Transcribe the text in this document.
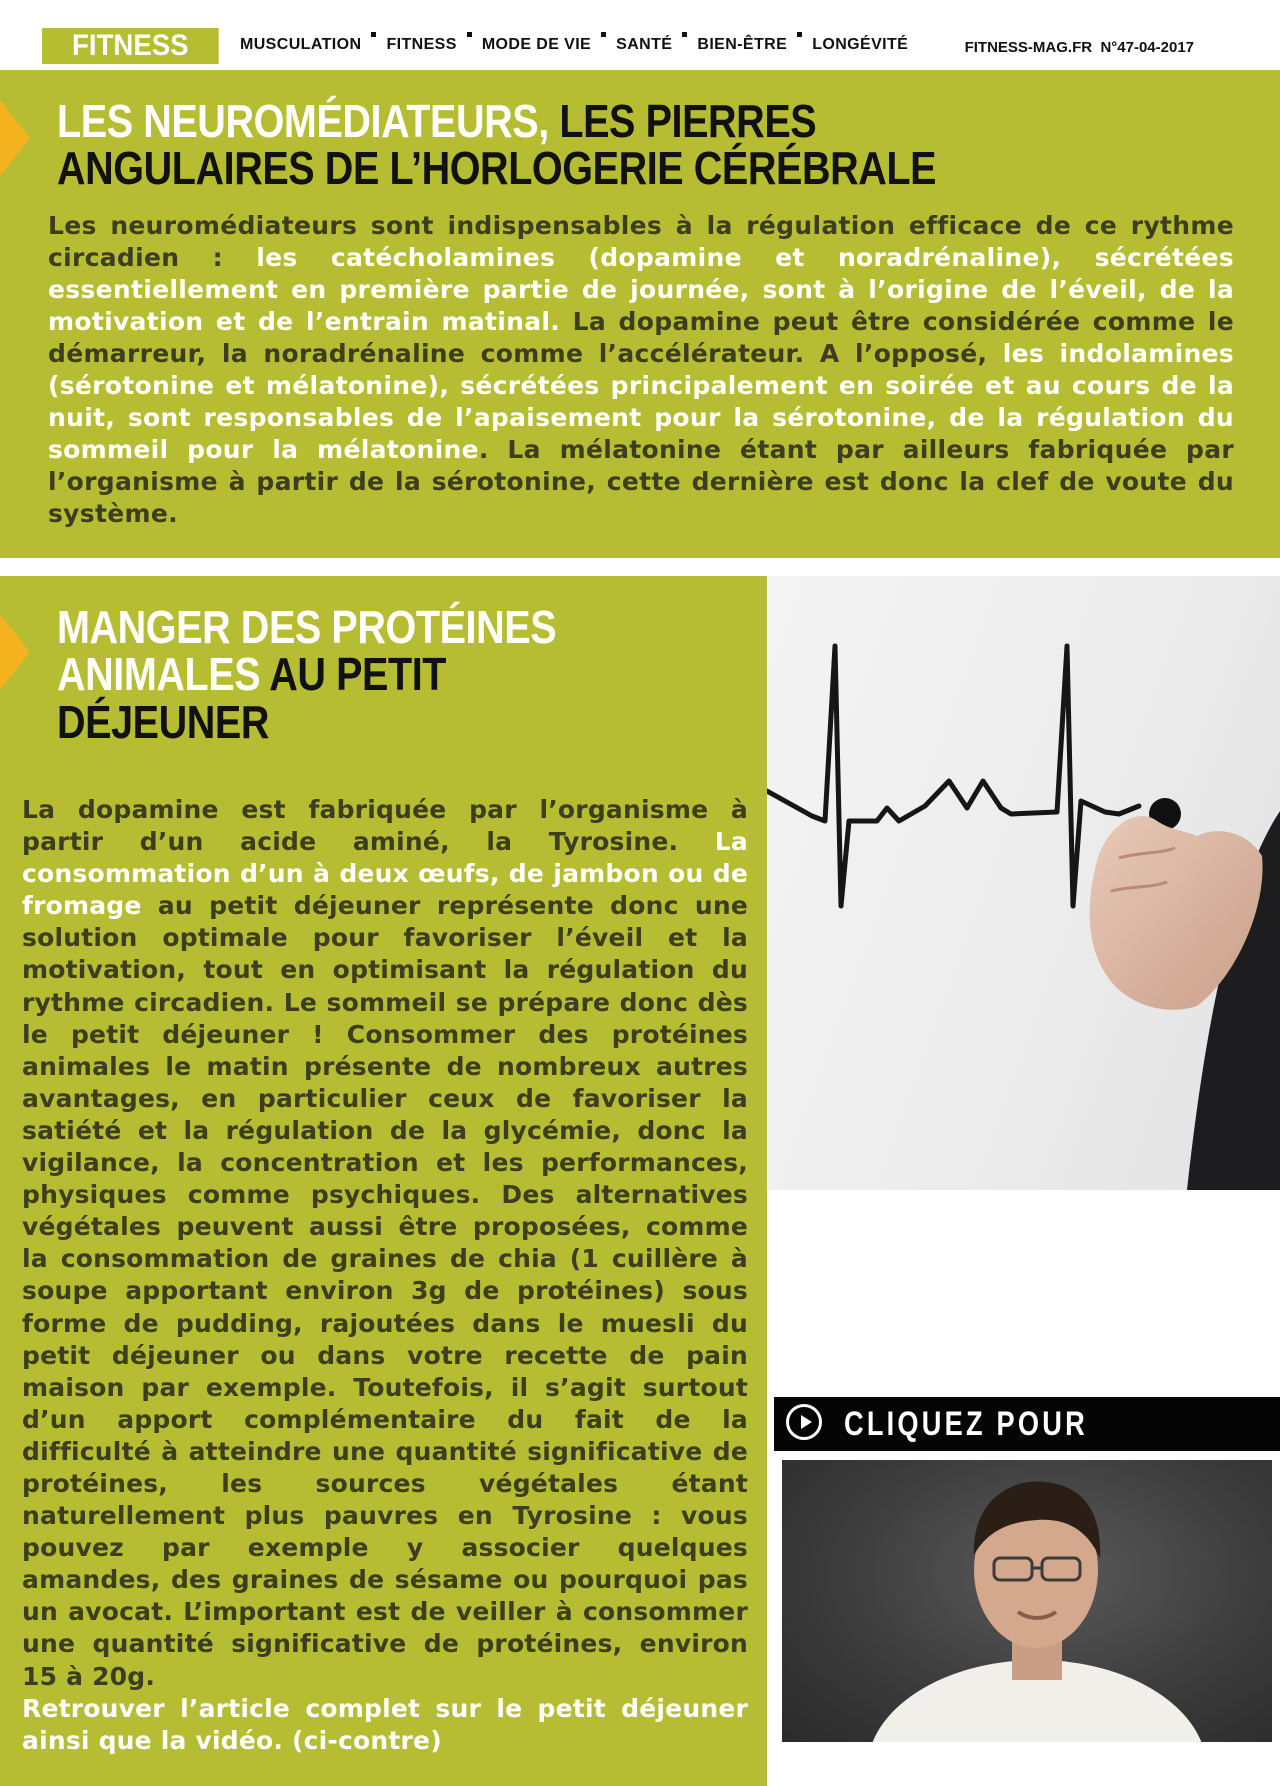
FITNESS	MUSCULATION FITNESS MODE DE VIE SANTÉ BIEN-ÊTRE LONGÉVITÉ	FITNESS-MAG.FR N°47-04-2017
LES NEUROMÉDIATEURS, LES PIERRES
ANGULAIRES DE L’HORLOGERIE CÉRÉBRALE
Les neuromédiateurs sont indispensables à la régulation efficace de ce rythme circadien : les catécholamines (dopamine et noradrénaline), sécrétées essentiellement en première partie de journée, sont à l’origine de l’éveil, de la motivation et de l’entrain matinal. La dopamine peut être considérée comme le démarreur, la noradrénaline comme l’accélérateur. A l’opposé, les indolamines (sérotonine et mélatonine), sécrétées principalement en soirée et au cours de la nuit, sont responsables de l’apaisement pour la sérotonine, de la régulation du sommeil pour la mélatonine. La mélatonine étant par ailleurs fabriquée par l’organisme à partir de la sérotonine, cette dernière est donc la clef de voute du système.
MANGER DES PROTÉINES
ANIMALES AU PETIT
DÉJEUNER
La dopamine est fabriquée par l’organisme à partir d’un acide aminé, la Tyrosine. La consommation d’un à deux œufs, de jambon ou de fromage au petit déjeuner représente donc une solution optimale pour favoriser l’éveil et la motivation, tout en optimisant la régulation du rythme circadien. Le sommeil se prépare donc dès le petit déjeuner ! Consommer des protéines animales le matin présente de nombreux autres avantages, en particulier ceux de favoriser la satiété et la régulation de la glycémie, donc la vigilance, la concentration et les performances, physiques comme psychiques. Des alternatives végétales peuvent aussi être proposées, comme la consommation de graines de chia (1 cuillère à soupe apportant environ 3g de protéines) sous forme de pudding, rajoutées dans le muesli du petit déjeuner ou dans votre recette de pain maison par exemple. Toutefois, il s’agit surtout d’un apport complémentaire du fait de la difficulté à atteindre une quantité significative de protéines, les sources végétales étant naturellement plus pauvres en Tyrosine : vous pouvez par exemple y associer quelques amandes, des graines de sésame ou pourquoi pas un avocat. L’important est de veiller à consommer une quantité significative de protéines, environ 15 à 20g.
Retrouver l’article complet sur le petit déjeuner ainsi que la vidéo. (ci-contre)
CLIQUEZ POUR
